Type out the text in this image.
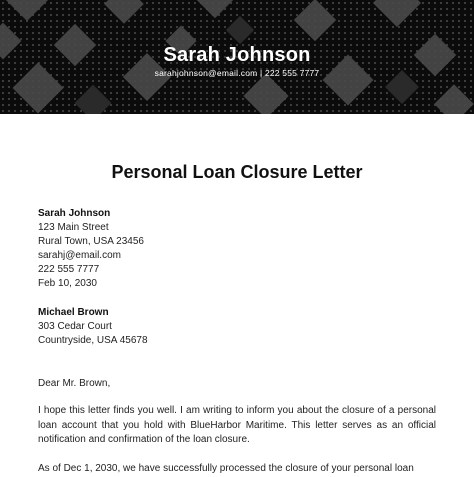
Sarah Johnson
sarahjohnson@email.com | 222 555 7777
Personal Loan Closure Letter
Sarah Johnson
123 Main Street
Rural Town, USA 23456
sarahj@email.com
222 555 7777
Feb 10, 2030
Michael Brown
303 Cedar Court
Countryside, USA 45678
Dear Mr. Brown,
I hope this letter finds you well. I am writing to inform you about the closure of a personal loan account that you hold with BlueHarbor Maritime. This letter serves as an official notification and confirmation of the loan closure.
As of Dec 1, 2030, we have successfully processed the closure of your personal loan
